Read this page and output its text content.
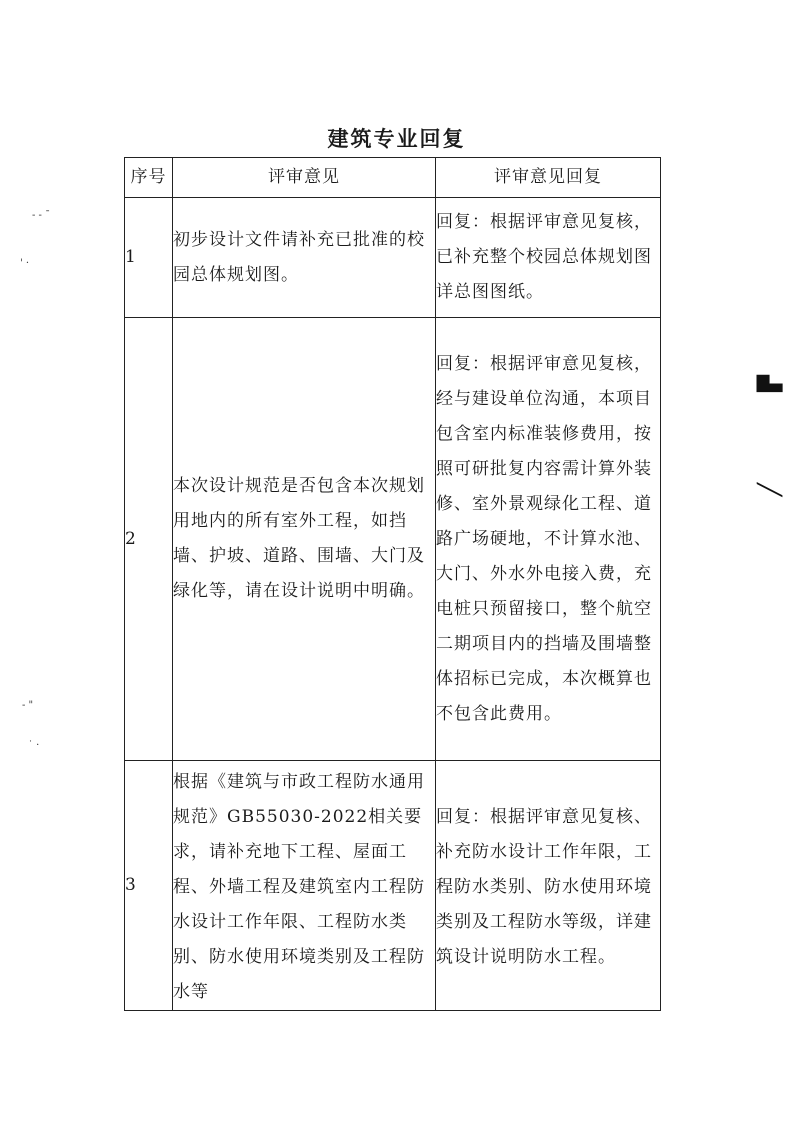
建筑专业回复
序号	评审意见	评审意见回复
1	初步设计文件请补充已批准的校园总体规划图。	回复：根据评审意见复核，已补充整个校园总体规划图详总图图纸。
2	本次设计规范是否包含本次规划用地内的所有室外工程，如挡墙、护坡、道路、围墙、大门及绿化等，请在设计说明中明确。	回复：根据评审意见复核，经与建设单位沟通，本项目包含室内标准装修费用，按照可研批复内容需计算外装修、室外景观绿化工程、道路广场硬地，不计算水池、大门、外水外电接入费，充电桩只预留接口，整个航空二期项目内的挡墙及围墙整体招标已完成，本次概算也不包含此费用。
3	根据《建筑与市政工程防水通用规范》GB55030-2022相关要求，请补充地下工程、屋面工程、外墙工程及建筑室内工程防水设计工作年限、工程防水类别、防水使用环境类别及工程防水等	回复：根据评审意见复核、补充防水设计工作年限，工程防水类别、防水使用环境类别及工程防水等级，详建筑设计说明防水工程。
- - ˉ
' ·
- "
˙ ·
▟
╱
